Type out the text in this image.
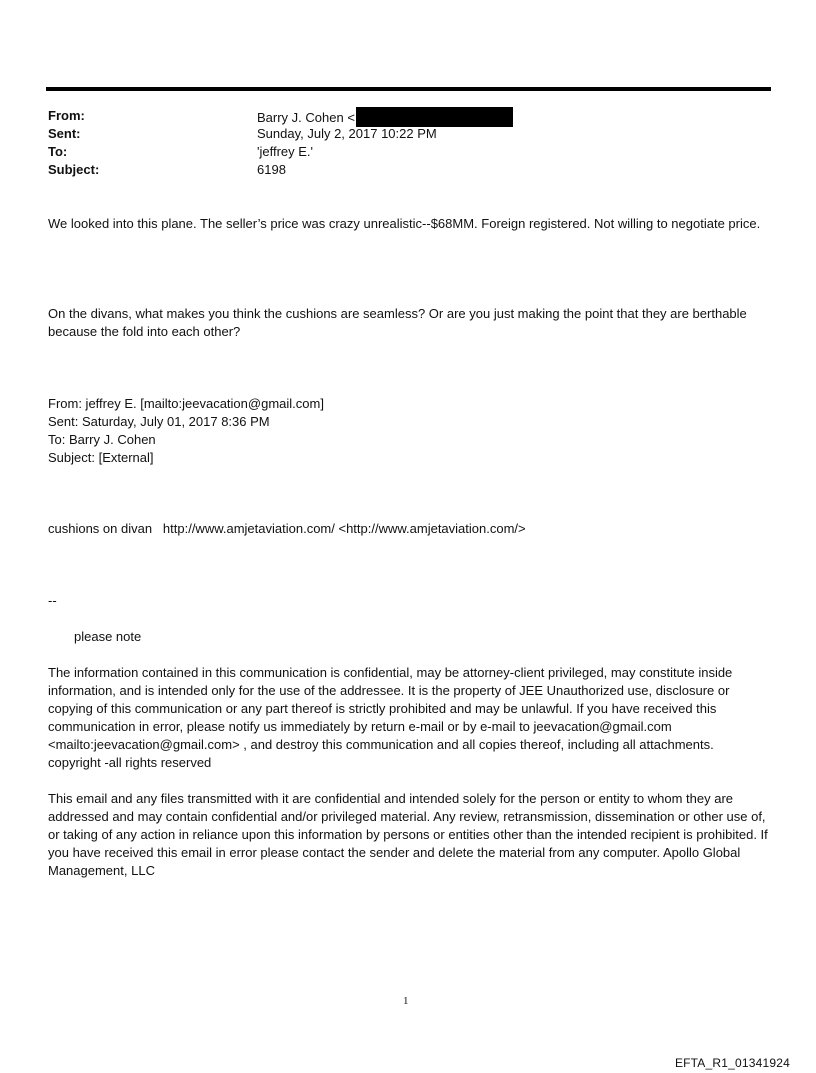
From:	Barry J. Cohen <
Sent:	Sunday, July 2, 2017 10:22 PM
To:	'jeffrey E.'
Subject:	6198
We looked into this plane. The seller’s price was crazy unrealistic--$68MM. Foreign registered. Not willing to negotiate price.
On the divans, what makes you think the cushions are seamless? Or are you just making the point that they are berthable because the fold into each other?
From: jeffrey E. [mailto:jeevacation@gmail.com]
Sent: Saturday, July 01, 2017 8:36 PM
To: Barry J. Cohen
Subject: [External]
cushions on divan   http://www.amjetaviation.com/ <http://www.amjetaviation.com/>
--
please note
The information contained in this communication is confidential, may be attorney-client privileged, may constitute inside information, and is intended only for the use of the addressee. It is the property of JEE Unauthorized use, disclosure or copying of this communication or any part thereof is strictly prohibited and may be unlawful. If you have received this communication in error, please notify us immediately by return e-mail or by e-mail to jeevacation@gmail.com <mailto:jeevacation@gmail.com> , and destroy this communication and all copies thereof, including all attachments. copyright -all rights reserved
This email and any files transmitted with it are confidential and intended solely for the person or entity to whom they are addressed and may contain confidential and/or privileged material. Any review, retransmission, dissemination or other use of, or taking of any action in reliance upon this information by persons or entities other than the intended recipient is prohibited. If you have received this email in error please contact the sender and delete the material from any computer. Apollo Global Management, LLC
1
EFTA_R1_01341924
